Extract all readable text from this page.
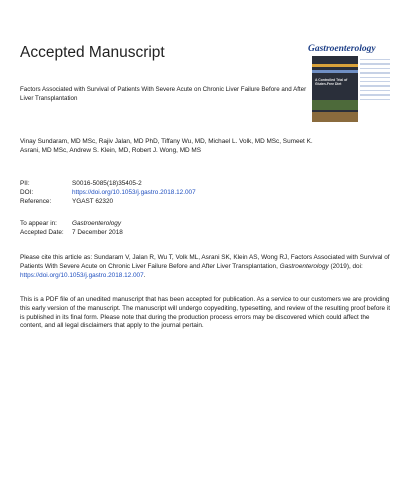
Accepted Manuscript	Gastroenterology
A Controlled Trial of Gluten-Free Diet
Factors Associated with Survival of Patients With Severe Acute on Chronic Liver Failure Before and After Liver Transplantation
Vinay Sundaram, MD MSc, Rajiv Jalan, MD PhD, Tiffany Wu, MD, Michael L. Volk, MD MSc, Sumeet K. Asrani, MD MSc, Andrew S. Klein, MD, Robert J. Wong, MD MS
PII:	S0016-5085(18)35405-2
DOI:	https://doi.org/10.1053/j.gastro.2018.12.007
Reference:	YGAST 62320
To appear in:	Gastroenterology
Accepted Date:	7 December 2018
Please cite this article as: Sundaram V, Jalan R, Wu T, Volk ML, Asrani SK, Klein AS, Wong RJ, Factors Associated with Survival of Patients With Severe Acute on Chronic Liver Failure Before and After Liver Transplantation, Gastroenterology (2019), doi: https://doi.org/10.1053/j.gastro.2018.12.007.
This is a PDF file of an unedited manuscript that has been accepted for publication. As a service to our customers we are providing this early version of the manuscript. The manuscript will undergo copyediting, typesetting, and review of the resulting proof before it is published in its final form. Please note that during the production process errors may be discovered which could affect the content, and all legal disclaimers that apply to the journal pertain.
